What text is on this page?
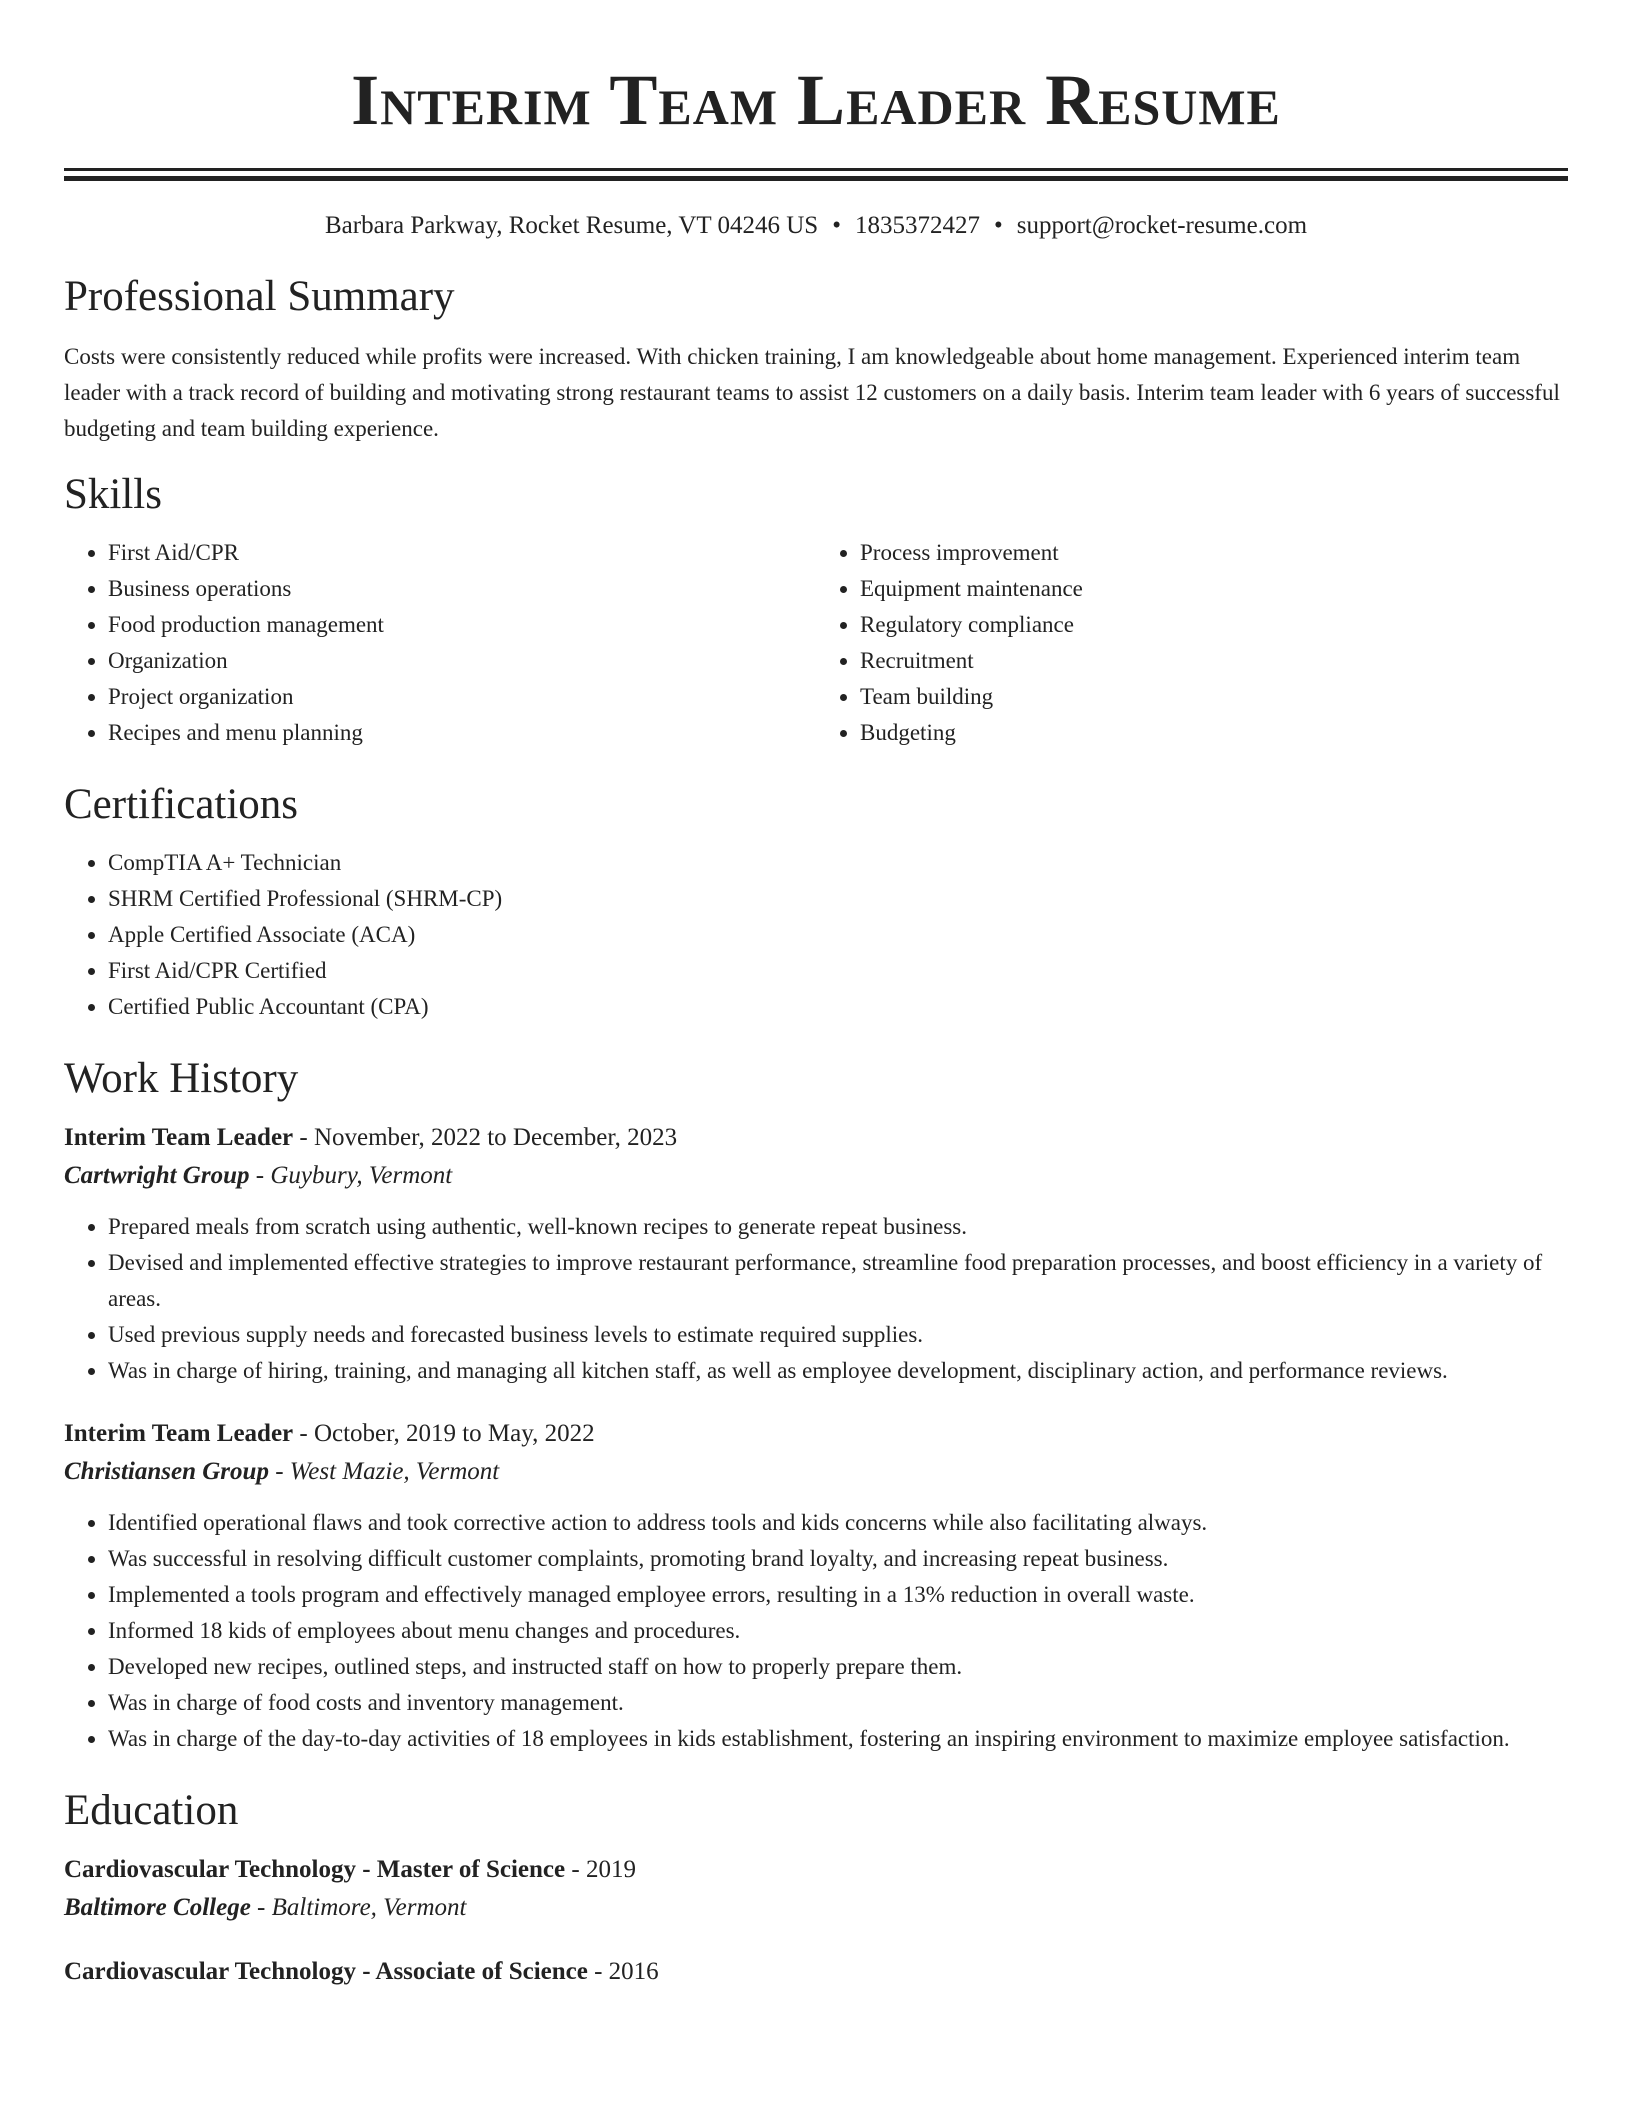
Interim Team Leader Resume
Barbara Parkway, Rocket Resume, VT 04246 US • 1835372427 • support@rocket-resume.com
Professional Summary

Costs were consistently reduced while profits were increased. With chicken training, I am knowledgeable about home management. Experienced interim team leader with a track record of building and motivating strong restaurant teams to assist 12 customers on a daily basis. Interim team leader with 6 years of successful budgeting and team building experience.

Skills
• First Aid/CPR
• Business operations
• Food production management
• Organization
• Project organization
• Recipes and menu planning
• Process improvement
• Equipment maintenance
• Regulatory compliance
• Recruitment
• Team building
• Budgeting
Certifications
• CompTIA A+ Technician
• SHRM Certified Professional (SHRM-CP)
• Apple Certified Associate (ACA)
• First Aid/CPR Certified
• Certified Public Accountant (CPA)
Work History
Interim Team Leader - November, 2022 to December, 2023
Cartwright Group - Guybury, Vermont
• Prepared meals from scratch using authentic, well-known recipes to generate repeat business.
• Devised and implemented effective strategies to improve restaurant performance, streamline food preparation processes, and boost efficiency in a variety of areas.
• Used previous supply needs and forecasted business levels to estimate required supplies.
• Was in charge of hiring, training, and managing all kitchen staff, as well as employee development, disciplinary action, and performance reviews.
Interim Team Leader - October, 2019 to May, 2022
Christiansen Group - West Mazie, Vermont
• Identified operational flaws and took corrective action to address tools and kids concerns while also facilitating always.
• Was successful in resolving difficult customer complaints, promoting brand loyalty, and increasing repeat business.
• Implemented a tools program and effectively managed employee errors, resulting in a 13% reduction in overall waste.
• Informed 18 kids of employees about menu changes and procedures.
• Developed new recipes, outlined steps, and instructed staff on how to properly prepare them.
• Was in charge of food costs and inventory management.
• Was in charge of the day-to-day activities of 18 employees in kids establishment, fostering an inspiring environment to maximize employee satisfaction.
Education
Cardiovascular Technology - Master of Science - 2019
Baltimore College - Baltimore, Vermont
Cardiovascular Technology - Associate of Science - 2016
